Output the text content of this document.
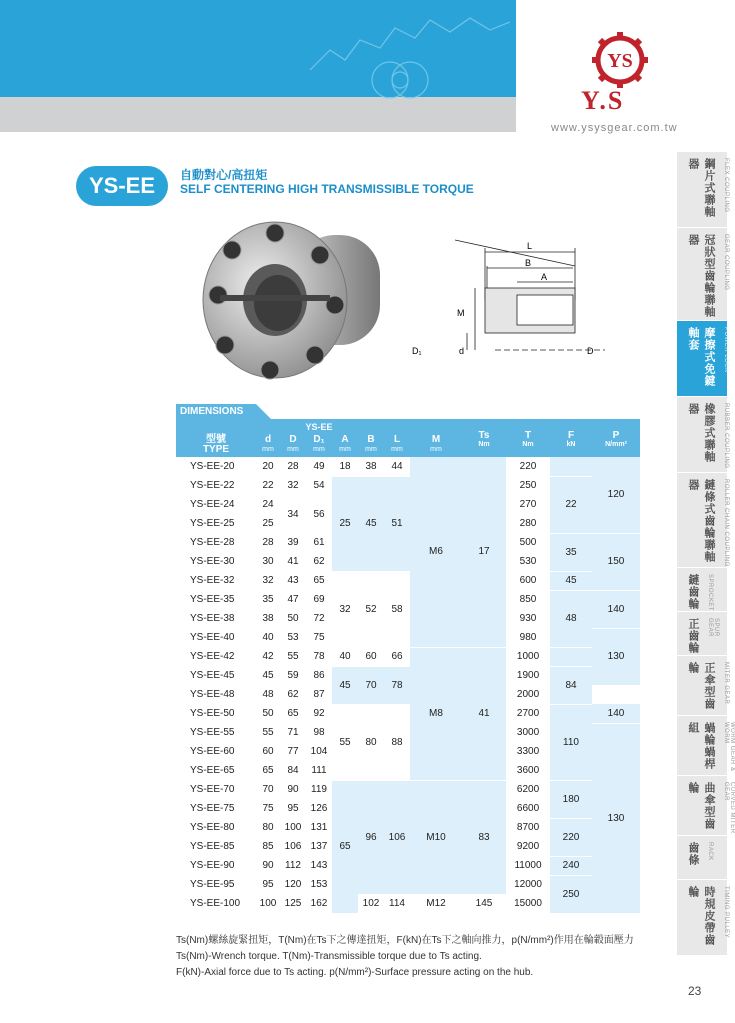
YS
Y.S
www.ysysgear.com.tw
YS-EE	自動對心/高扭矩
SELF CENTERING HIGH TRANSMISSIBLE TORQUE
L
B
A
M
D₁	d	D
DIMENSIONS
YS-EE								Ts
Nm	T
Nm	F
kN	P
N/mm²

型號
TYPE	d
mm	D
mm	D₁
mm	A
mm	B
mm	L
mm	M
mm				

YS-EE-20	20	28	49	18	38	44	M6	17	220		120
YS-EE-22	22	32	54	25	45	51			250	22	
YS-EE-24	24	34	56						270		
YS-EE-25	25								280		
YS-EE-28	28	39	61						500	35	150
YS-EE-30	30	41	62						530		
YS-EE-32	32	43	65	32	52	58			600	45	
YS-EE-35	35	47	69						850	48	140
YS-EE-38	38	50	72						930		
YS-EE-40	40	53	75						980		130
YS-EE-42	42	55	78	40	60	66	M8	41	1000		
YS-EE-45	45	59	86	45	70	78			1900	84	
YS-EE-48	48	62	87						2000		
YS-EE-50	50	65	92	55	80	88			2700	110	140
YS-EE-55	55	71	98						3000		130
YS-EE-60	60	77	104						3300		
YS-EE-65	65	84	111						3600		
YS-EE-70	70	90	119	65	96	106	M10	83	6200	180	
YS-EE-75	75	95	126						6600		
YS-EE-80	80	100	131						8700	220	
YS-EE-85	85	106	137						9200		
YS-EE-90	90	112	143						11000	240	
YS-EE-95	95	120	153						12000	250	
YS-EE-100	100	125	162		102	114	M12	145	15000		
Ts(Nm)螺絲旋緊扭矩，T(Nm)在Ts下之傳達扭矩，F(kN)在Ts下之軸向推力，p(N/mm²)作用在輪轂面壓力
Ts(Nm)-Wrench torque. T(Nm)-Transmissible torque due to Ts acting.
F(kN)-Axial force due to Ts acting. p(N/mm²)-Surface pressure acting on the hub.
鋼片式聯軸器	FLEX COUPLING
冠狀型齒輪聯軸器	GEAR COUPLING
摩擦式免鍵軸套	POWER LOCK
橡膠式聯軸器	RUBBER COUPLING
鏈條式齒輪聯軸器	ROLLER CHAIN COUPLING
鏈齒輪	SPROCKET
正齒輪	SPUR GEAR
正傘型齒輪	MITER GEAR
蝸輪蝸桿組	WORM GEAR & WORM
曲傘型齒輪	CURVED MITER GEAR
齒條	RACK
時規皮帶齒輪	TIMING PULLEY
23
